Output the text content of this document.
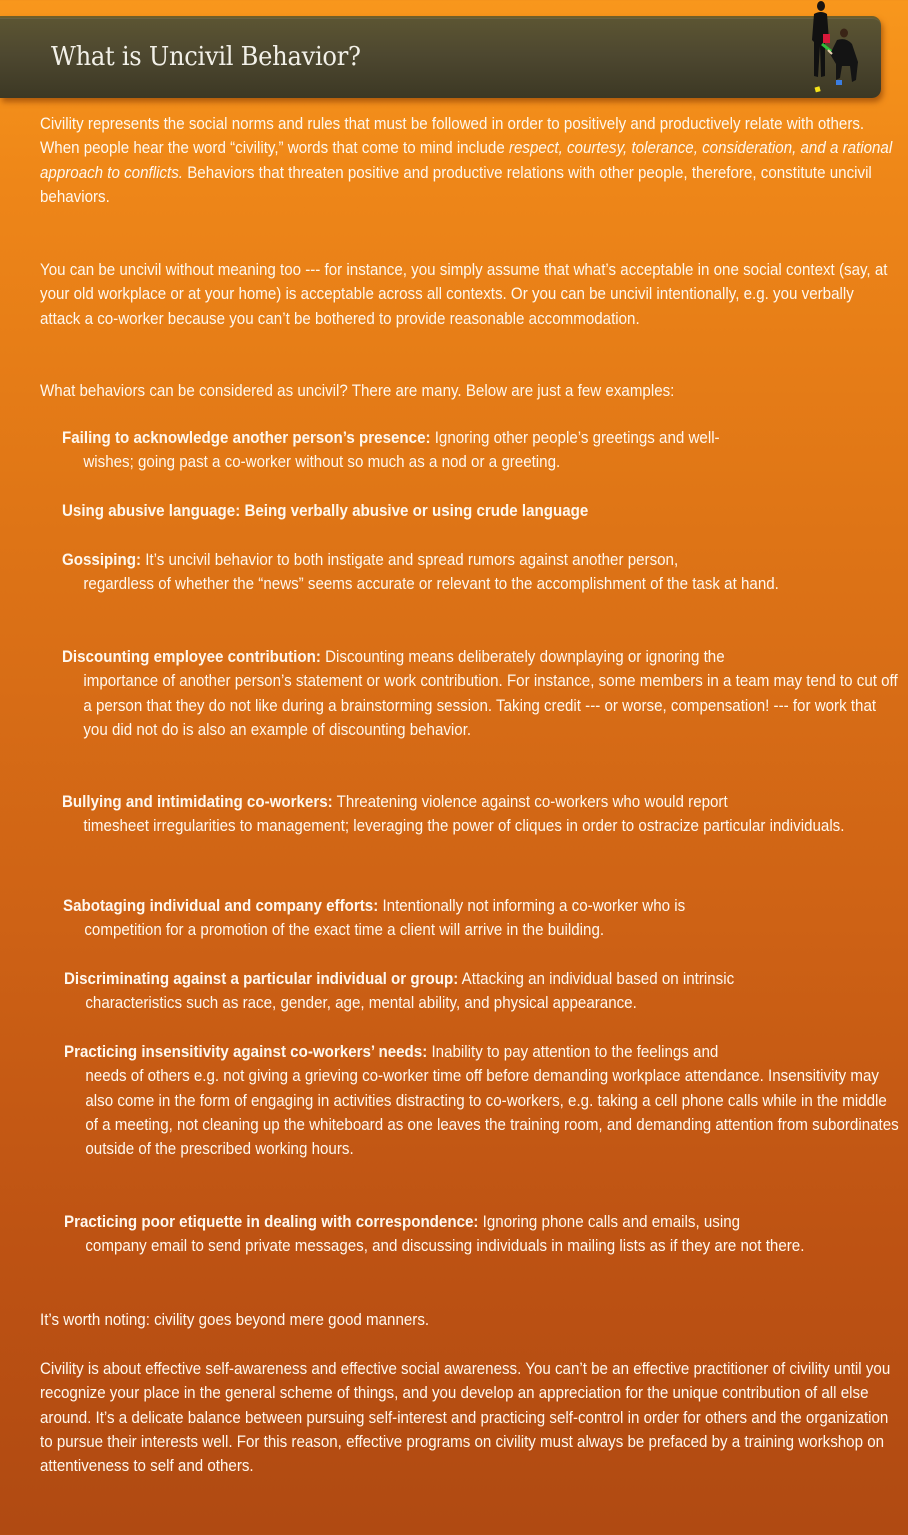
What is Uncivil Behavior?

Civility represents the social norms and rules that must be followed in order to positively and productively relate with others. When people hear the word “civility,” words that come to mind include respect, courtesy, tolerance, consideration, and a rational approach to conflicts. Behaviors that threaten positive and productive relations with other people, therefore, constitute uncivil behaviors.

You can be uncivil without meaning too --- for instance, you simply assume that what’s acceptable in one social context (say, at your old workplace or at your home) is acceptable across all contexts. Or you can be uncivil intentionally, e.g. you verbally attack a co-worker because you can’t be bothered to provide reasonable accommodation.

What behaviors can be considered as uncivil? There are many. Below are just a few examples:

Failing to acknowledge another person’s presence: Ignoring other people’s greetings and well-
wishes; going past a co-worker without so much as a nod or a greeting.
Using abusive language: Being verbally abusive or using crude language
Gossiping: It’s uncivil behavior to both instigate and spread rumors against another person,
regardless of whether the “news” seems accurate or relevant to the accomplishment of the task at hand.
Discounting employee contribution: Discounting means deliberately downplaying or ignoring the
importance of another person’s statement or work contribution. For instance, some members in a team may tend to cut off a person that they do not like during a brainstorming session. Taking credit --- or worse, compensation! --- for work that you did not do is also an example of discounting behavior.
Bullying and intimidating co-workers: Threatening violence against co-workers who would report
timesheet irregularities to management; leveraging the power of cliques in order to ostracize particular individuals.
Sabotaging individual and company efforts: Intentionally not informing a co-worker who is
competition for a promotion of the exact time a client will arrive in the building.
Discriminating against a particular individual or group: Attacking an individual based on intrinsic
characteristics such as race, gender, age, mental ability, and physical appearance.
Practicing insensitivity against co-workers’ needs: Inability to pay attention to the feelings and
needs of others e.g. not giving a grieving co-worker time off before demanding workplace attendance. Insensitivity may also come in the form of engaging in activities distracting to co-workers, e.g. taking a cell phone calls while in the middle of a meeting, not cleaning up the whiteboard as one leaves the training room, and demanding attention from subordinates outside of the prescribed working hours.
Practicing poor etiquette in dealing with correspondence: Ignoring phone calls and emails, using
company email to send private messages, and discussing individuals in mailing lists as if they are not there.

It’s worth noting: civility goes beyond mere good manners.

Civility is about effective self-awareness and effective social awareness. You can’t be an effective practitioner of civility until you recognize your place in the general scheme of things, and you develop an appreciation for the unique contribution of all else around. It’s a delicate balance between pursuing self-interest and practicing self-control in order for others and the organization to pursue their interests well. For this reason, effective programs on civility must always be prefaced by a training workshop on attentiveness to self and others.
